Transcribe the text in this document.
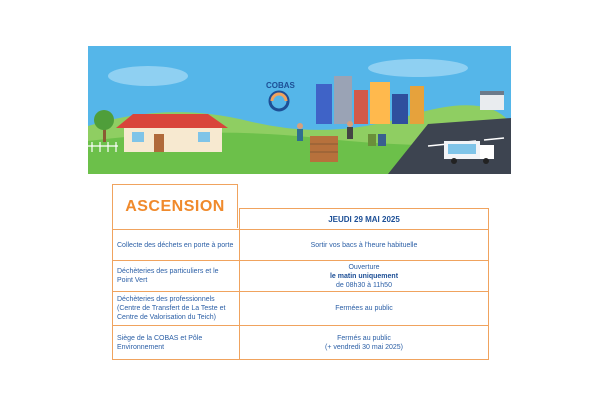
COBAS
ASCENSION
	JEUDI 29 MAI 2025
Collecte des déchets en porte à porte	Sortir vos bacs à l'heure habituelle
Déchèteries des particuliers et le Point Vert	Ouverture
le matin uniquement
de 08h30 à 11h50

Déchèteries des professionnels (Centre de Transfert de La Teste et Centre de Valorisation du Teich)	Fermées au public
Siège de la COBAS et Pôle Environnement	Fermés au public
(+ vendredi 30 mai 2025)
